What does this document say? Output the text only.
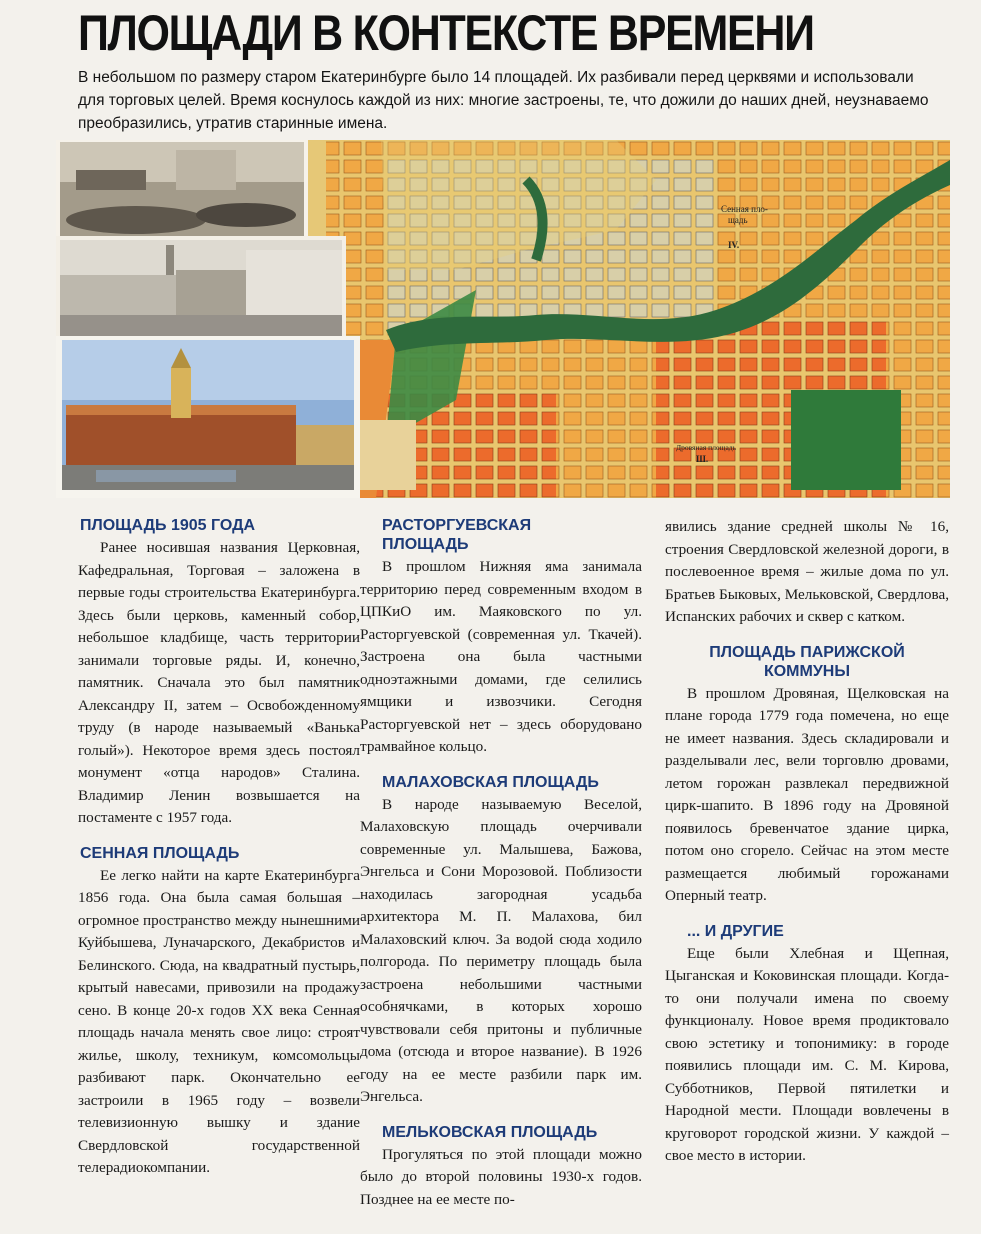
ПЛОЩАДИ В КОНТЕКСТЕ ВРЕМЕНИ

В небольшом по размеру старом Екатеринбурге было 14 площадей. Их разбивали перед церквями и использовали для торговых целей. Время коснулось каждой из них: многие застроены, те, что дожили до наших дней, неузнаваемо преобразились, утратив старинные имена.

Сенная пло-
щадь
IV.
Дровяная площадь
Ш.
ПЛОЩАДЬ 1905 ГОДА

Ранее носившая названия Церковная, Кафедральная, Торговая – заложена в первые годы строительства Екатеринбурга. Здесь были церковь, каменный собор, небольшое кладбище, часть территории занимали торговые ряды. И, конечно, памятник. Сначала это был памятник Александру II, затем – Освобожденному труду (в народе называемый «Ванька голый»). Некоторое время здесь постоял монумент «отца народов» Сталина. Владимир Ленин возвышается на постаменте с 1957 года.

СЕННАЯ ПЛОЩАДЬ

Ее легко найти на карте Екатеринбурга 1856 года. Она была самая большая – огромное пространство между нынешними Куйбышева, Луначарского, Декабристов и Белинского. Сюда, на квадратный пустырь, крытый навесами, привозили на продажу сено. В конце 20-х годов XX века Сенная площадь начала менять свое лицо: строят жилье, школу, техникум, комсомольцы разбивают парк. Окончательно ее застроили в 1965 году – возвели телевизионную вышку и здание Свердловской государственной телерадиокомпании.

РАСТОРГУЕВСКАЯ ПЛОЩАДЬ

В прошлом Нижняя яма занимала территорию перед современным входом в ЦПКиО им. Маяковского по ул. Расторгуевской (современная ул. Ткачей). Застроена она была частными одноэтажными домами, где селились ямщики и извозчики. Сегодня Расторгуевской нет – здесь оборудовано трамвайное кольцо.

МАЛАХОВСКАЯ ПЛОЩАДЬ

В народе называемую Веселой, Малаховскую площадь очерчивали современные ул. Малышева, Бажова, Энгельса и Сони Морозовой. Поблизости находилась загородная усадьба архитектора М. П. Малахова, бил Малаховский ключ. За водой сюда ходило полгорода. По периметру площадь была застроена небольшими частными особнячками, в которых хорошо чувствовали себя притоны и публичные дома (отсюда и второе название). В 1926 году на ее месте разбили парк им. Энгельса.

МЕЛЬКОВСКАЯ ПЛОЩАДЬ

Прогуляться по этой площади можно было до второй половины 1930-х годов. Позднее на ее месте по-

явились здание средней школы № 16, строения Свердловской железной дороги, в послевоенное время – жилые дома по ул. Братьев Быковых, Мельковской, Свердлова, Испанских рабочих и сквер с катком.

ПЛОЩАДЬ ПАРИЖСКОЙ КОММУНЫ

В прошлом Дровяная, Щелковская на плане города 1779 года помечена, но еще не имеет названия. Здесь складировали и разделывали лес, вели торговлю дровами, летом горожан развлекал передвижной цирк-шапито. В 1896 году на Дровяной появилось бревенчатое здание цирка, потом оно сгорело. Сейчас на этом месте размещается любимый горожанами Оперный театр.

... И ДРУГИЕ

Еще были Хлебная и Щепная, Цыганская и Коковинская площади. Когда-то они получали имена по своему функционалу. Новое время продиктовало свою эстетику и топонимику: в городе появились площади им. С. М. Кирова, Субботников, Первой пятилетки и Народной мести. Площади вовлечены в круговорот городской жизни. У каждой – свое место в истории.
